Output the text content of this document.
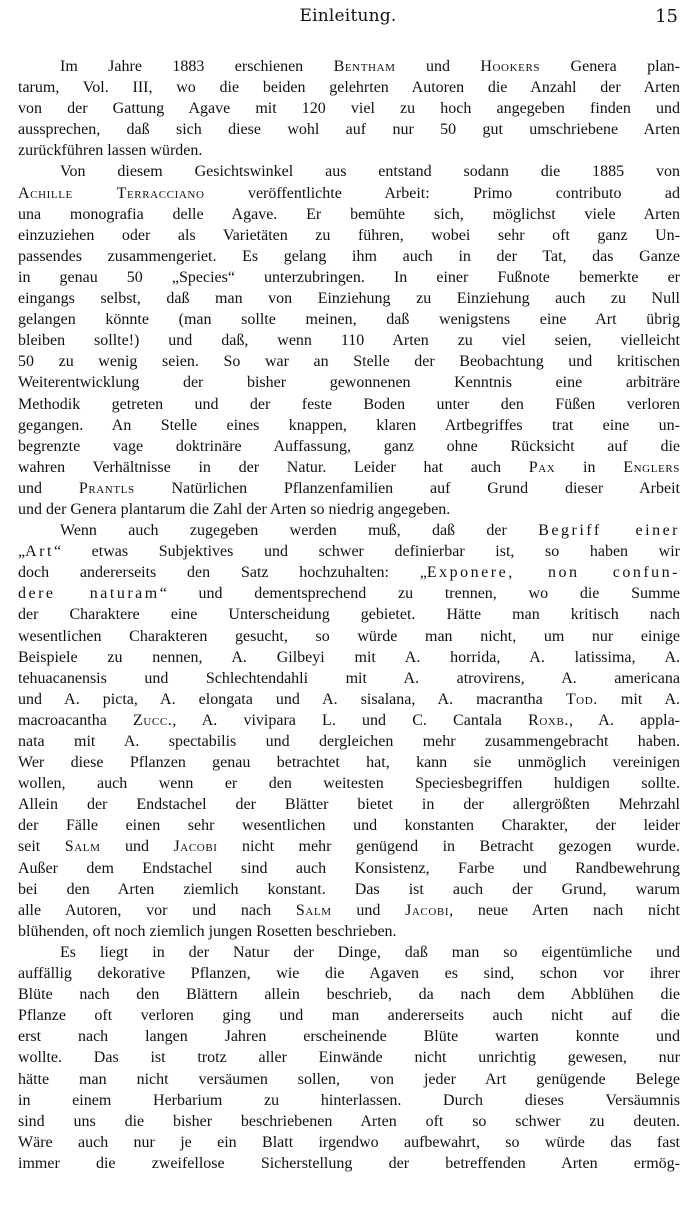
Einleitung.	15
Im Jahre 1883 erschienen Bentham und Hookers Genera plan-
tarum, Vol. III, wo die beiden gelehrten Autoren die Anzahl der Arten
von der Gattung Agave mit 120 viel zu hoch angegeben finden und
aussprechen, daß sich diese wohl auf nur 50 gut umschriebene Arten
zurückführen lassen würden.
Von diesem Gesichtswinkel aus entstand sodann die 1885 von
Achille Terracciano veröffentlichte Arbeit: Primo contributo ad
una monografia delle Agave. Er bemühte sich, möglichst viele Arten
einzuziehen oder als Varietäten zu führen, wobei sehr oft ganz Un-
passendes zusammengeriet. Es gelang ihm auch in der Tat, das Ganze
in genau 50 „Species“ unterzubringen. In einer Fußnote bemerkte er
eingangs selbst, daß man von Einziehung zu Einziehung auch zu Null
gelangen könnte (man sollte meinen, daß wenigstens eine Art übrig
bleiben sollte!) und daß, wenn 110 Arten zu viel seien, vielleicht
50 zu wenig seien. So war an Stelle der Beobachtung und kritischen
Weiterentwicklung der bisher gewonnenen Kenntnis eine arbiträre
Methodik getreten und der feste Boden unter den Füßen verloren
gegangen. An Stelle eines knappen, klaren Artbegriffes trat eine un-
begrenzte vage doktrinäre Auffassung, ganz ohne Rücksicht auf die
wahren Verhältnisse in der Natur. Leider hat auch Pax in Englers
und Prantls Natürlichen Pflanzenfamilien auf Grund dieser Arbeit
und der Genera plantarum die Zahl der Arten so niedrig angegeben.
Wenn auch zugegeben werden muß, daß der Begriff einer
„Art“ etwas Subjektives und schwer definierbar ist, so haben wir
doch andererseits den Satz hochzuhalten: „Exponere, non confun-
dere naturam“ und dementsprechend zu trennen, wo die Summe
der Charaktere eine Unterscheidung gebietet. Hätte man kritisch nach
wesentlichen Charakteren gesucht, so würde man nicht, um nur einige
Beispiele zu nennen, A. Gilbeyi mit A. horrida, A. latissima, A.
tehuacanensis und Schlechtendahli mit A. atrovirens, A. americana
und A. picta, A. elongata und A. sisalana, A. macrantha Tod. mit A.
macroacantha Zucc., A. vivipara L. und C. Cantala Roxb., A. appla-
nata mit A. spectabilis und dergleichen mehr zusammengebracht haben.
Wer diese Pflanzen genau betrachtet hat, kann sie unmöglich vereinigen
wollen, auch wenn er den weitesten Speciesbegriffen huldigen sollte.
Allein der Endstachel der Blätter bietet in der allergrößten Mehrzahl
der Fälle einen sehr wesentlichen und konstanten Charakter, der leider
seit Salm und Jacobi nicht mehr genügend in Betracht gezogen wurde.
Außer dem Endstachel sind auch Konsistenz, Farbe und Randbewehrung
bei den Arten ziemlich konstant. Das ist auch der Grund, warum
alle Autoren, vor und nach Salm und Jacobi, neue Arten nach nicht
blühenden, oft noch ziemlich jungen Rosetten beschrieben.
Es liegt in der Natur der Dinge, daß man so eigentümliche und
auffällig dekorative Pflanzen, wie die Agaven es sind, schon vor ihrer
Blüte nach den Blättern allein beschrieb, da nach dem Abblühen die
Pflanze oft verloren ging und man andererseits auch nicht auf die
erst nach langen Jahren erscheinende Blüte warten konnte und
wollte. Das ist trotz aller Einwände nicht unrichtig gewesen, nur
hätte man nicht versäumen sollen, von jeder Art genügende Belege
in einem Herbarium zu hinterlassen. Durch dieses Versäumnis
sind uns die bisher beschriebenen Arten oft so schwer zu deuten.
Wäre auch nur je ein Blatt irgendwo aufbewahrt, so würde das fast
immer die zweifellose Sicherstellung der betreffenden Arten ermög-
